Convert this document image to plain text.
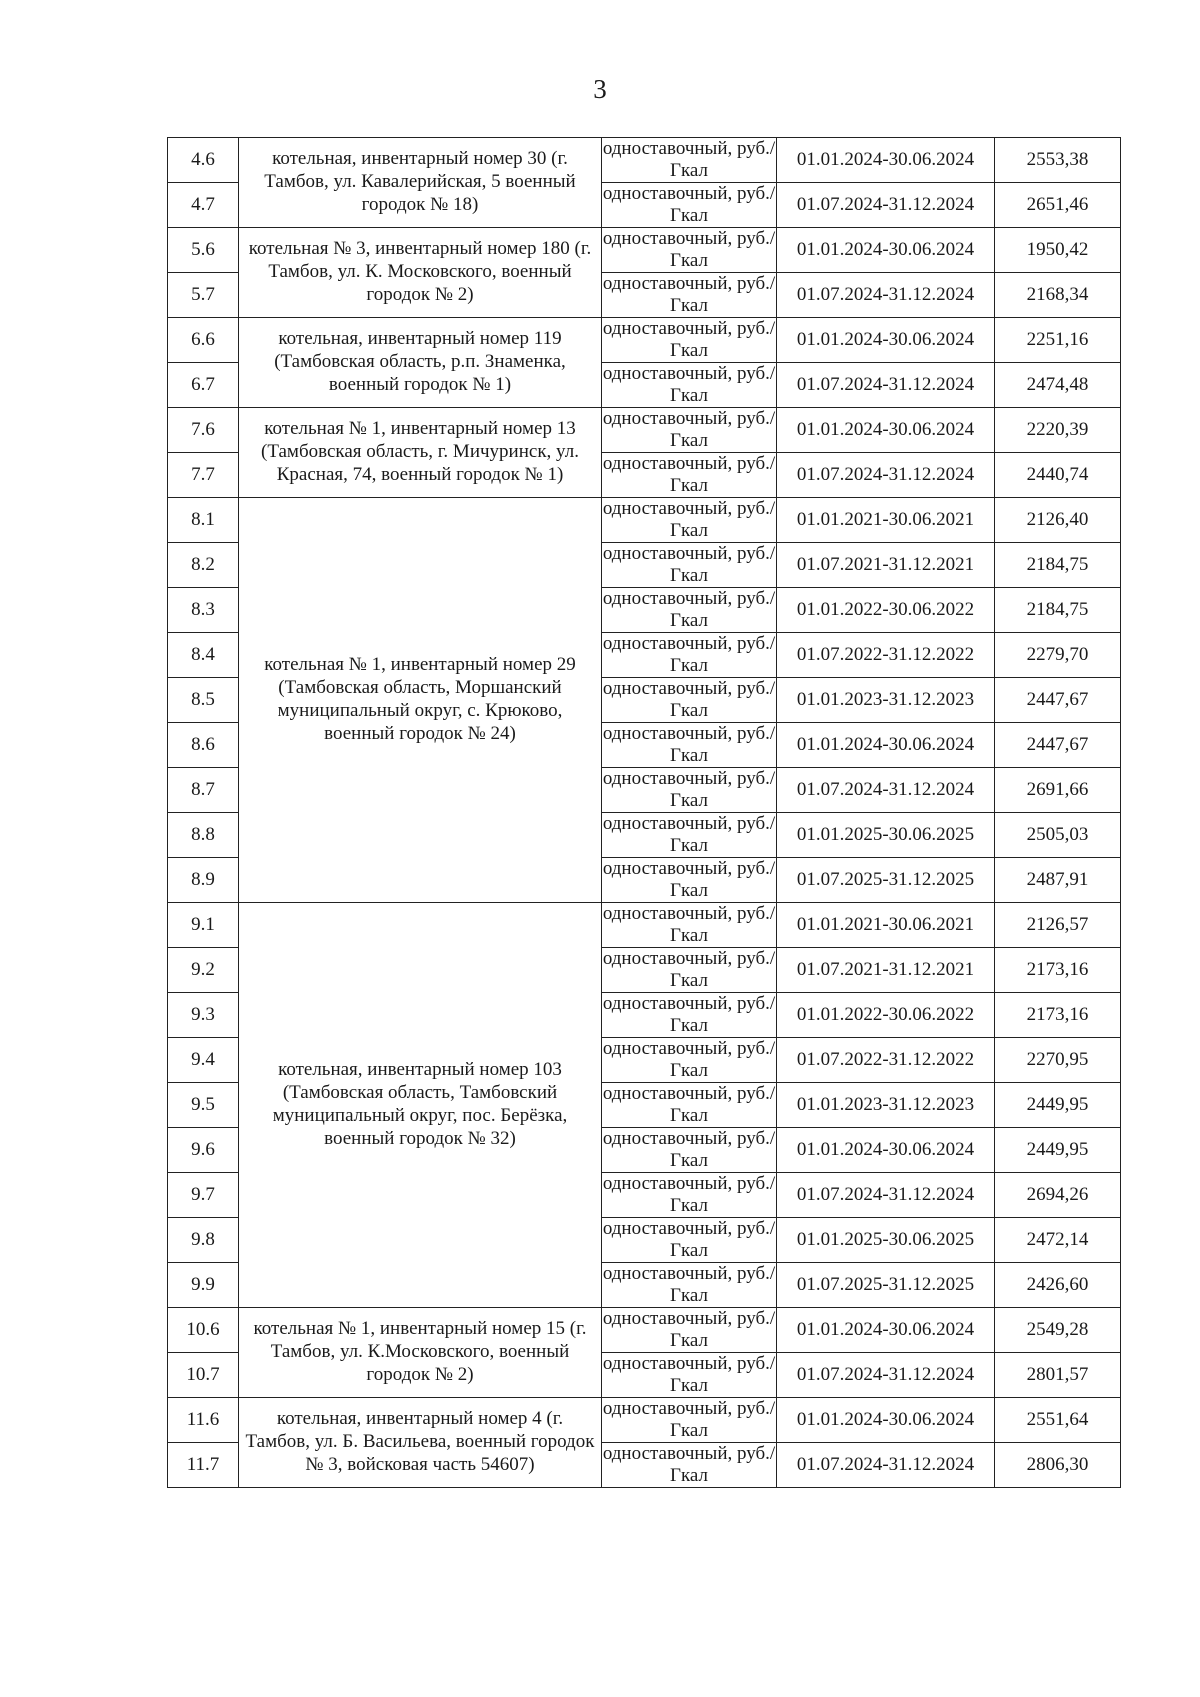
3
4.6	котельная, инвентарный номер 30 (г. Тамбов, ул. Кавалерийская, 5 военный городок № 18)	одноставочный, руб./Гкал	01.01.2024-30.06.2024	2553,38
4.7		одноставочный, руб./Гкал	01.07.2024-31.12.2024	2651,46
5.6	котельная № 3, инвентарный номер 180 (г. Тамбов, ул. К. Московского, военный городок № 2)	одноставочный, руб./Гкал	01.01.2024-30.06.2024	1950,42
5.7		одноставочный, руб./Гкал	01.07.2024-31.12.2024	2168,34
6.6	котельная, инвентарный номер 119 (Тамбовская область, р.п. Знаменка, военный городок № 1)	одноставочный, руб./Гкал	01.01.2024-30.06.2024	2251,16
6.7		одноставочный, руб./Гкал	01.07.2024-31.12.2024	2474,48
7.6	котельная № 1, инвентарный номер 13 (Тамбовская область, г. Мичуринск, ул. Красная, 74, военный городок № 1)	одноставочный, руб./Гкал	01.01.2024-30.06.2024	2220,39
7.7		одноставочный, руб./Гкал	01.07.2024-31.12.2024	2440,74
8.1	котельная № 1, инвентарный номер 29 (Тамбовская область, Моршанский муниципальный округ, с. Крюково, военный городок № 24)	одноставочный, руб./Гкал	01.01.2021-30.06.2021	2126,40
8.2		одноставочный, руб./Гкал	01.07.2021-31.12.2021	2184,75
8.3		одноставочный, руб./Гкал	01.01.2022-30.06.2022	2184,75
8.4		одноставочный, руб./Гкал	01.07.2022-31.12.2022	2279,70
8.5		одноставочный, руб./Гкал	01.01.2023-31.12.2023	2447,67
8.6		одноставочный, руб./Гкал	01.01.2024-30.06.2024	2447,67
8.7		одноставочный, руб./Гкал	01.07.2024-31.12.2024	2691,66
8.8		одноставочный, руб./Гкал	01.01.2025-30.06.2025	2505,03
8.9		одноставочный, руб./Гкал	01.07.2025-31.12.2025	2487,91
9.1	котельная, инвентарный номер 103 (Тамбовская область, Тамбовский муниципальный округ, пос. Берёзка, военный городок № 32)	одноставочный, руб./Гкал	01.01.2021-30.06.2021	2126,57
9.2		одноставочный, руб./Гкал	01.07.2021-31.12.2021	2173,16
9.3		одноставочный, руб./Гкал	01.01.2022-30.06.2022	2173,16
9.4		одноставочный, руб./Гкал	01.07.2022-31.12.2022	2270,95
9.5		одноставочный, руб./Гкал	01.01.2023-31.12.2023	2449,95
9.6		одноставочный, руб./Гкал	01.01.2024-30.06.2024	2449,95
9.7		одноставочный, руб./Гкал	01.07.2024-31.12.2024	2694,26
9.8		одноставочный, руб./Гкал	01.01.2025-30.06.2025	2472,14
9.9		одноставочный, руб./Гкал	01.07.2025-31.12.2025	2426,60
10.6	котельная № 1, инвентарный номер 15 (г. Тамбов, ул. К.Московского, военный городок № 2)	одноставочный, руб./Гкал	01.01.2024-30.06.2024	2549,28
10.7		одноставочный, руб./Гкал	01.07.2024-31.12.2024	2801,57
11.6	котельная, инвентарный номер 4 (г. Тамбов, ул. Б. Васильева, военный городок № 3, войсковая часть 54607)	одноставочный, руб./Гкал	01.01.2024-30.06.2024	2551,64
11.7		одноставочный, руб./Гкал	01.07.2024-31.12.2024	2806,30
